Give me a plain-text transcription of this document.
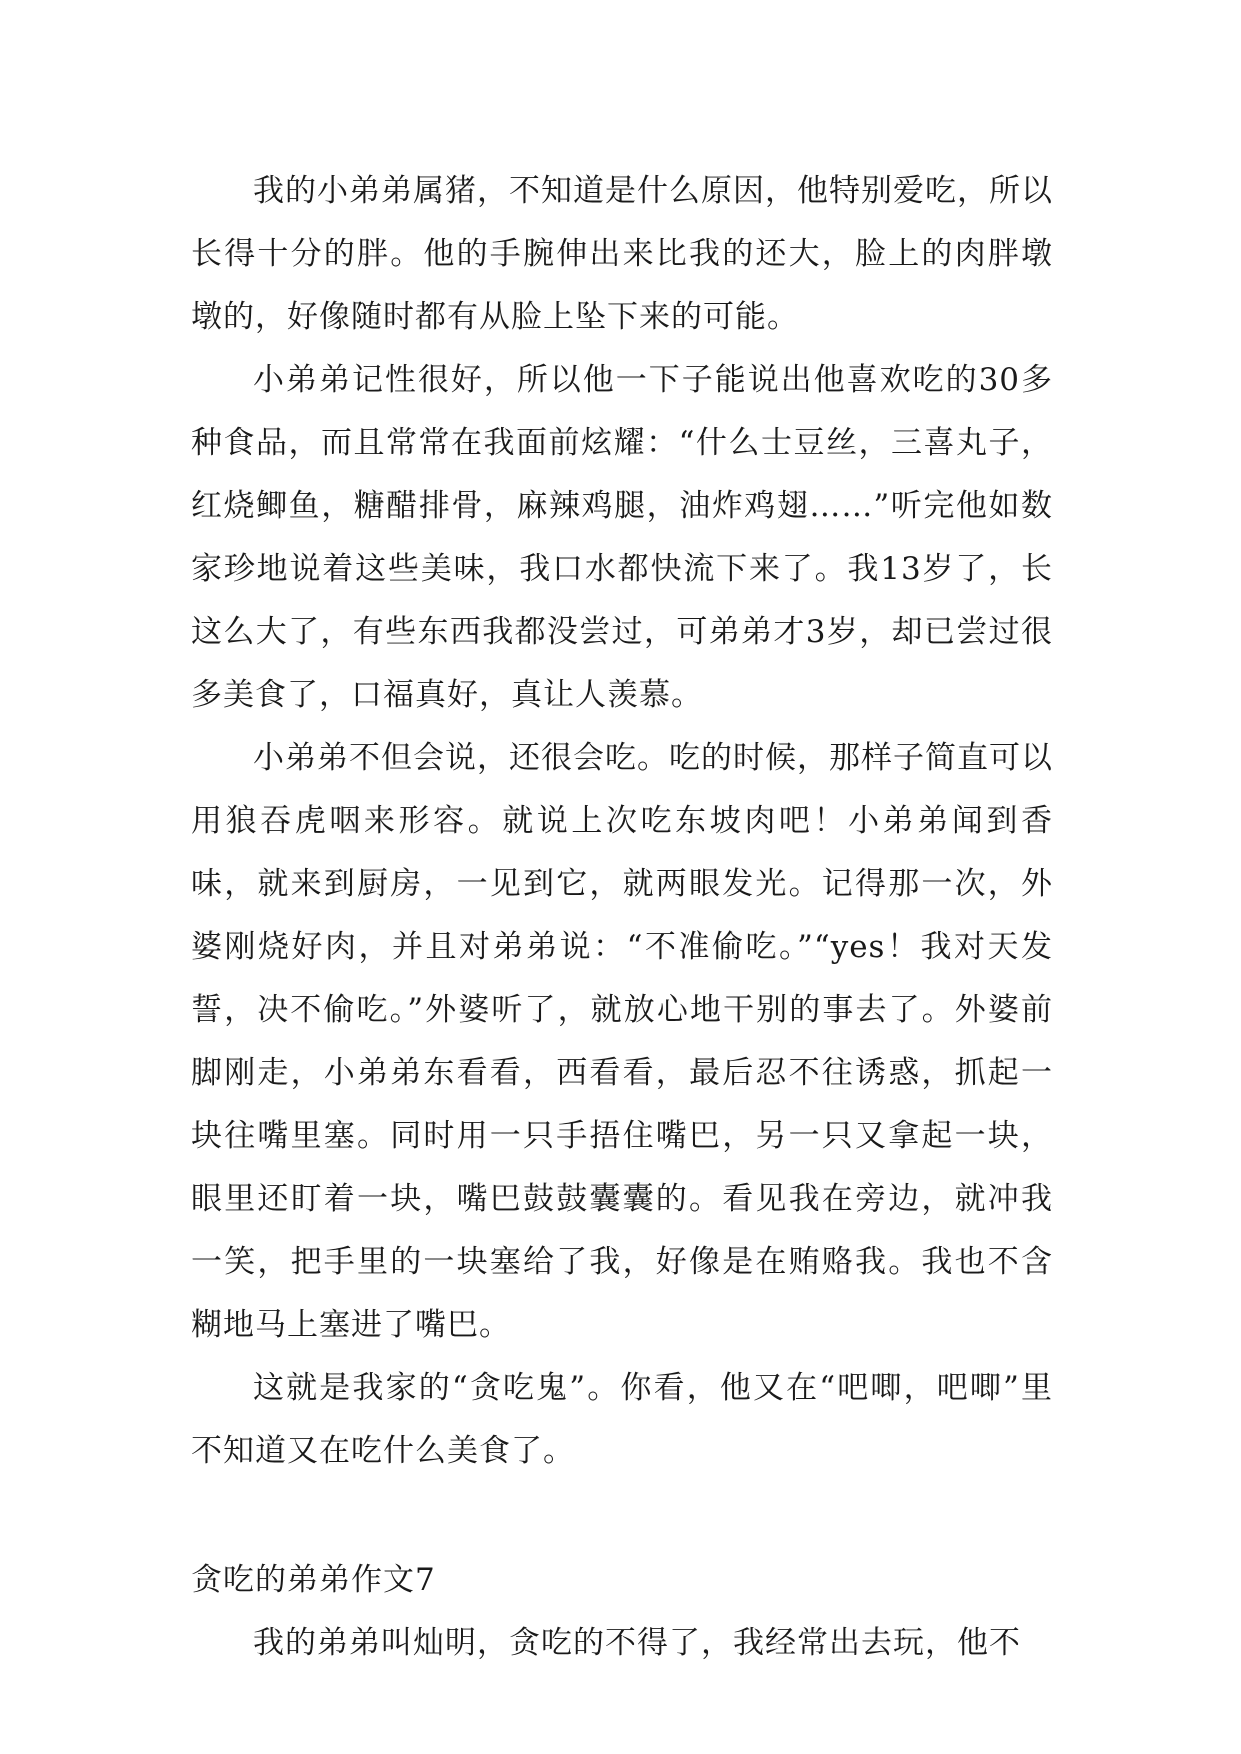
我的小弟弟属猪，不知道是什么原因，他特别爱吃，所以长得十分的胖。他的手腕伸出来比我的还大，脸上的肉胖墩墩的，好像随时都有从脸上坠下来的可能。

小弟弟记性很好，所以他一下子能说出他喜欢吃的30多种食品，而且常常在我面前炫耀：“什么士豆丝，三喜丸子，红烧鲫鱼，糖醋排骨，麻辣鸡腿，油炸鸡翅……”听完他如数家珍地说着这些美味，我口水都快流下来了。我13岁了，长这么大了，有些东西我都没尝过，可弟弟才3岁，却已尝过很多美食了，口福真好，真让人羡慕。

小弟弟不但会说，还很会吃。吃的时候，那样子简直可以用狼吞虎咽来形容。就说上次吃东坡肉吧！小弟弟闻到香味，就来到厨房，一见到它，就两眼发光。记得那一次，外婆刚烧好肉，并且对弟弟说：“不准偷吃。”“yes！我对天发誓，决不偷吃。”外婆听了，就放心地干别的事去了。外婆前脚刚走，小弟弟东看看，西看看，最后忍不往诱惑，抓起一块往嘴里塞。同时用一只手捂住嘴巴，另一只又拿起一块，眼里还盯着一块，嘴巴鼓鼓囊囊的。看见我在旁边，就冲我一笑，把手里的一块塞给了我，好像是在贿赂我。我也不含糊地马上塞进了嘴巴。

这就是我家的“贪吃鬼”。你看，他又在“吧唧，吧唧”里不知道又在吃什么美食了。

贪吃的弟弟作文7

我的弟弟叫灿明，贪吃的不得了，我经常出去玩，他不
